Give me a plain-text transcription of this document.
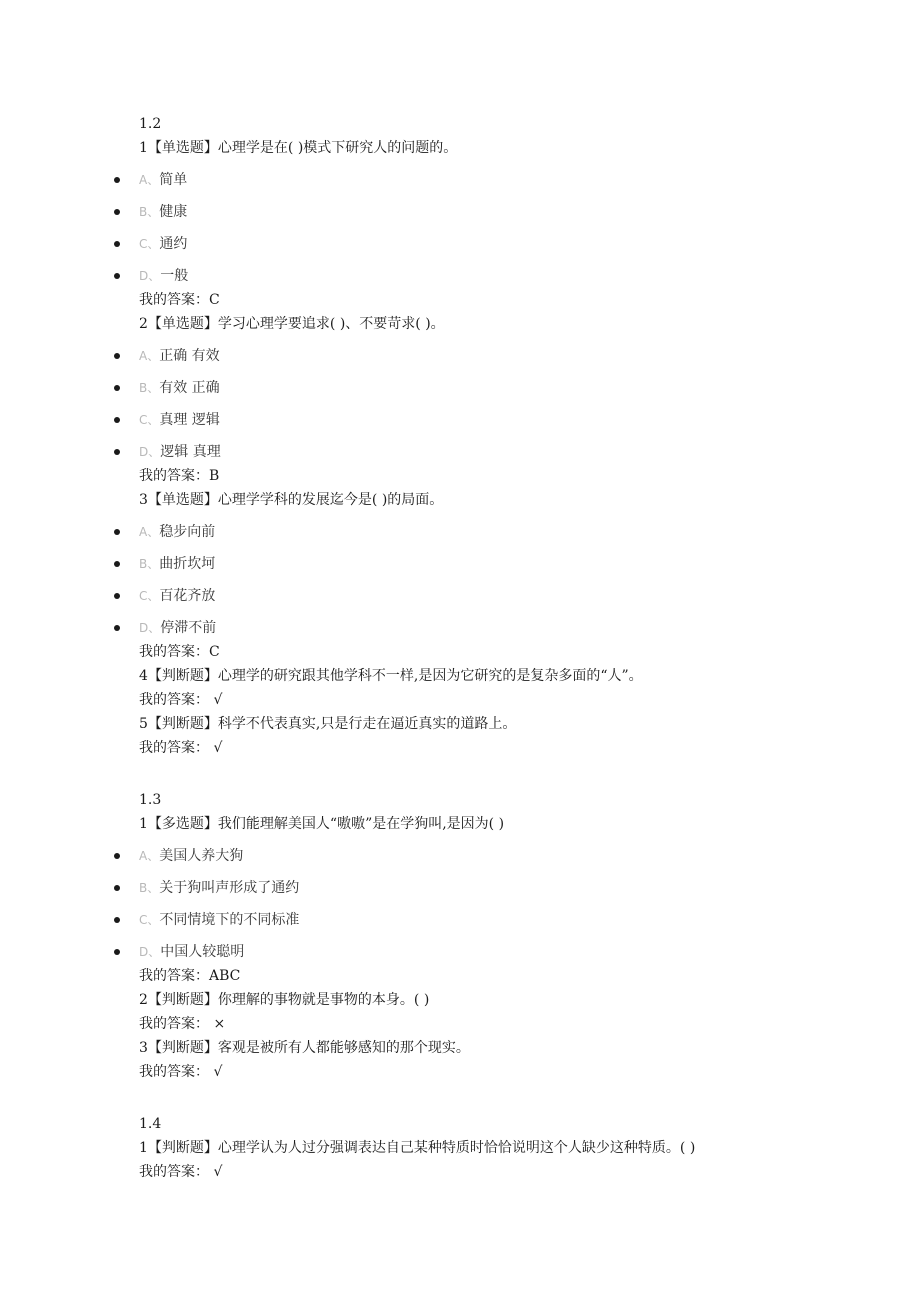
1.2
1【单选题】心理学是在( )模式下研究人的问题的。
A、简单
B、健康
C、通约
D、一般
我的答案：C
2【单选题】学习心理学要追求( )、不要苛求( )。
A、正确 有效
B、有效 正确
C、真理 逻辑
D、逻辑 真理
我的答案：B
3【单选题】心理学学科的发展迄今是( )的局面。
A、稳步向前
B、曲折坎坷
C、百花齐放
D、停滞不前
我的答案：C
4【判断题】心理学的研究跟其他学科不一样,是因为它研究的是复杂多面的“人”。
我的答案： √
5【判断题】科学不代表真实,只是行走在逼近真实的道路上。
我的答案： √
1.3
1【多选题】我们能理解美国人“嗷嗷”是在学狗叫,是因为( )
A、美国人养大狗
B、关于狗叫声形成了通约
C、不同情境下的不同标准
D、中国人较聪明
我的答案：ABC
2【判断题】你理解的事物就是事物的本身。( )
我的答案： ×
3【判断题】客观是被所有人都能够感知的那个现实。
我的答案： √
1.4
1【判断题】心理学认为人过分强调表达自己某种特质时恰恰说明这个人缺少这种特质。( )
我的答案： √
